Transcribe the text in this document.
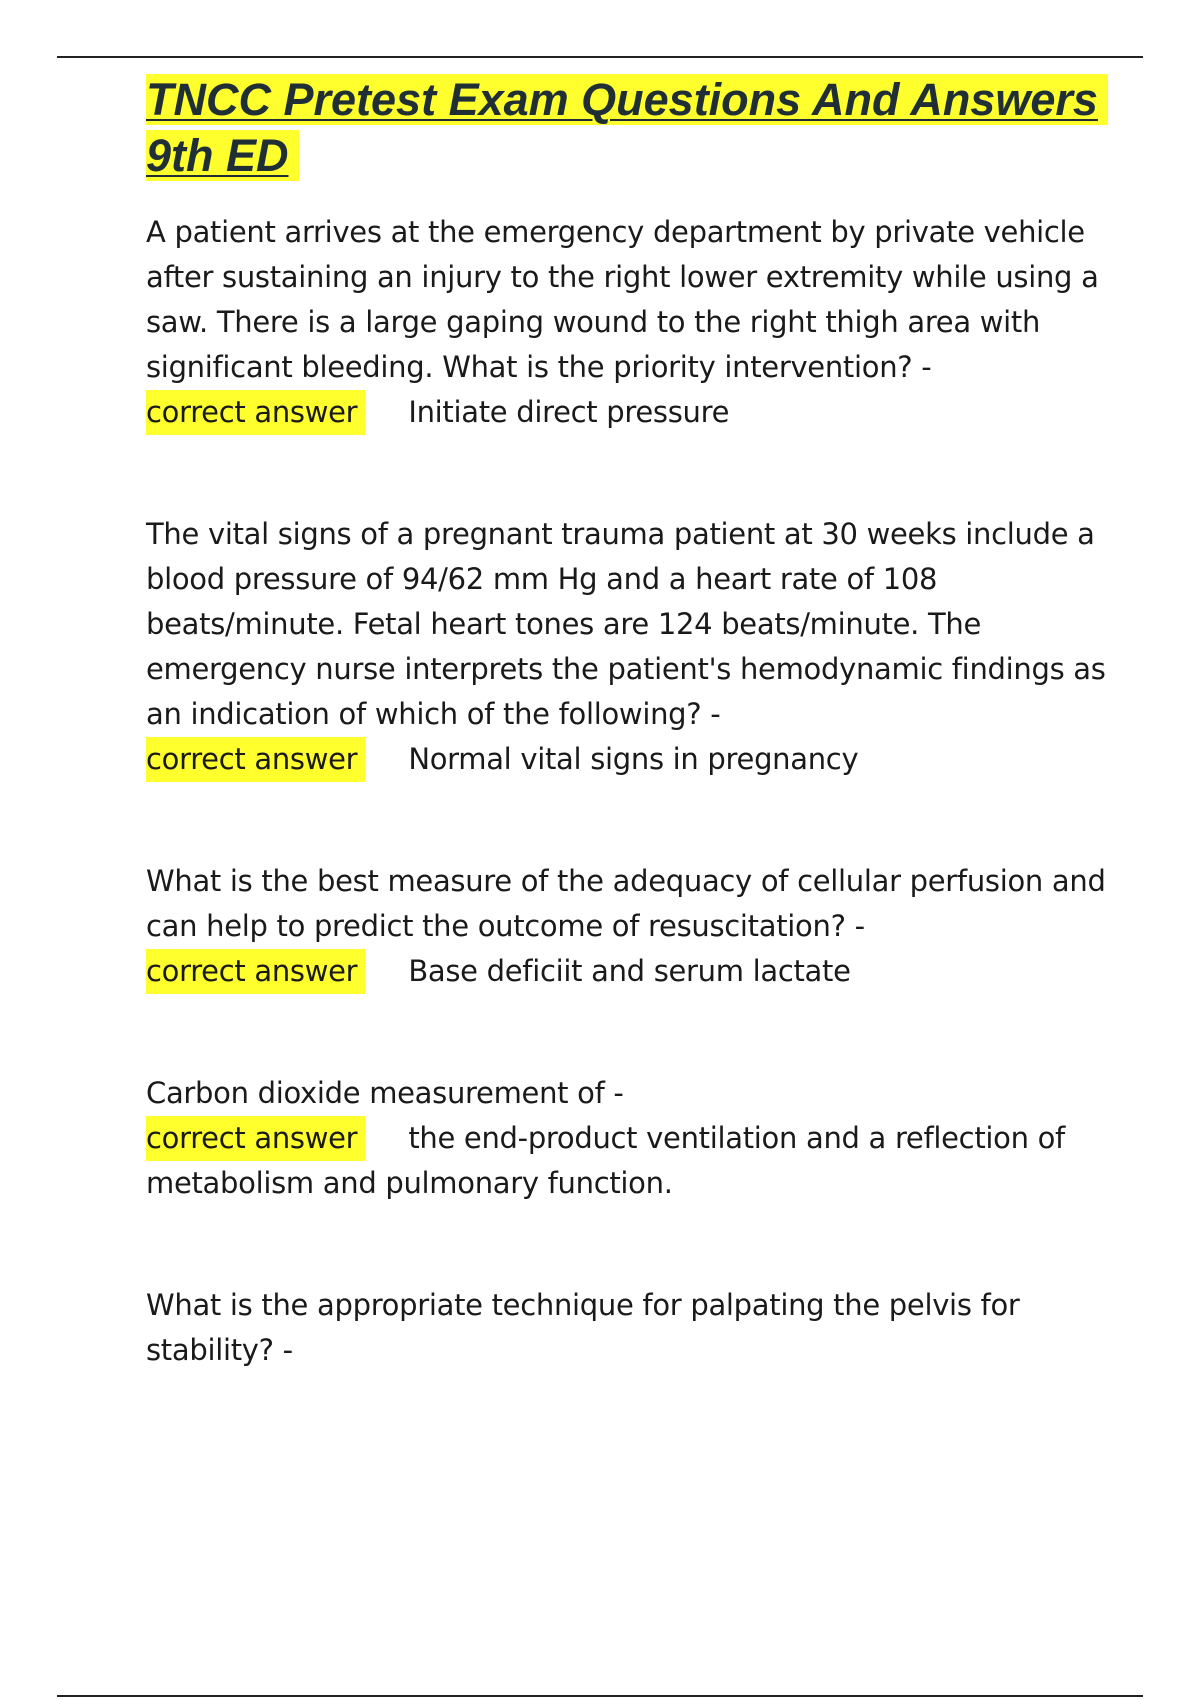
TNCC Pretest Exam Questions And Answers 9th ED

A patient arrives at the emergency department by private vehicle after sustaining an injury to the right lower extremity while using a saw. There is a large gaping wound to the right thigh area with significant bleeding. What is the priority intervention? -

correct answer Initiate direct pressure

The vital signs of a pregnant trauma patient at 30 weeks include a blood pressure of 94/62 mm Hg and a heart rate of 108 beats/minute. Fetal heart tones are 124 beats/minute. The emergency nurse interprets the patient's hemodynamic findings as an indication of which of the following? -

correct answer Normal vital signs in pregnancy

What is the best measure of the adequacy of cellular perfusion and can help to predict the outcome of resuscitation? -

correct answer Base deficiit and serum lactate

Carbon dioxide measurement of -

correct answer the end-product ventilation and a reflection of metabolism and pulmonary function.

What is the appropriate technique for palpating the pelvis for stability? -
